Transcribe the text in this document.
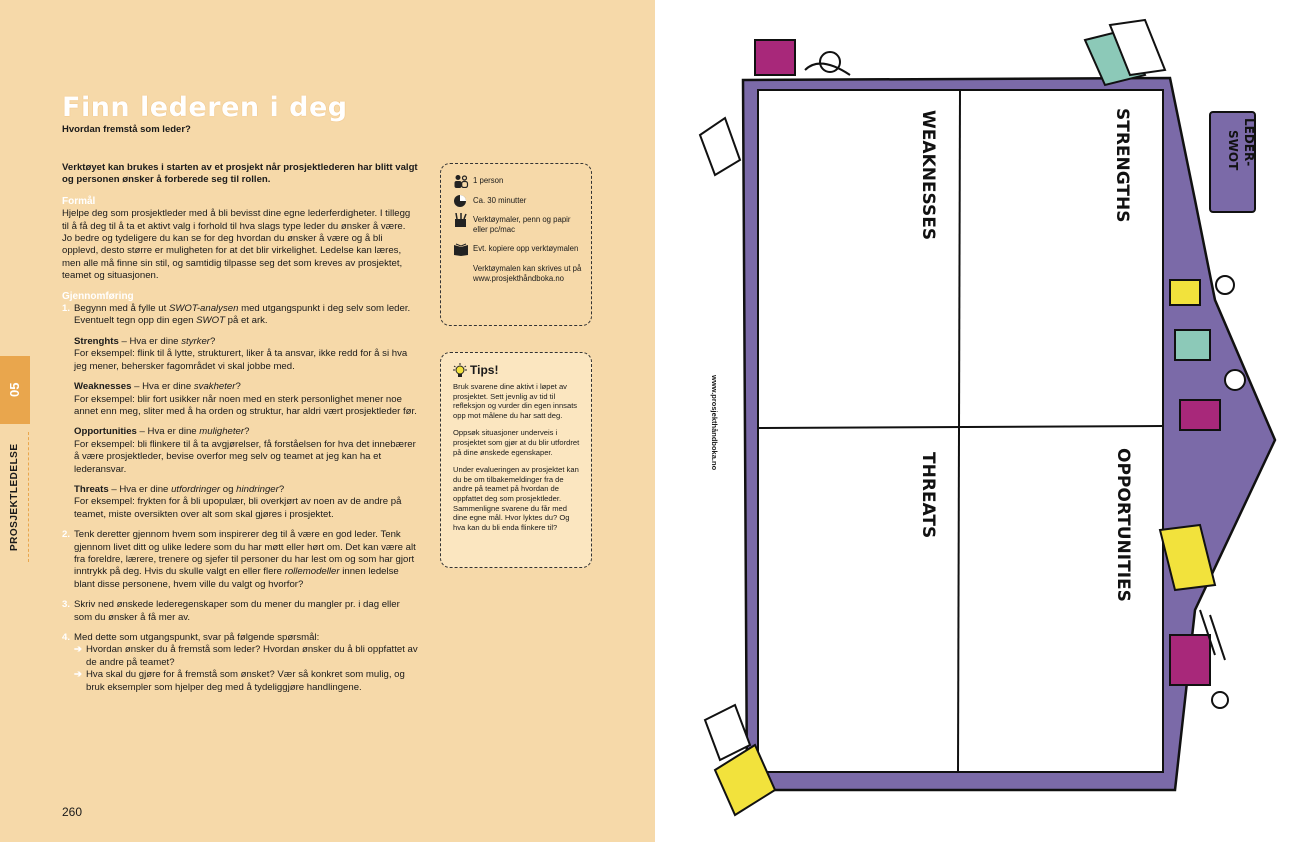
Finn lederen i deg
Hvordan fremstå som leder?
Verktøyet kan brukes i starten av et prosjekt når prosjektlederen har blitt valgt og personen ønsker å forberede seg til rollen.
Formål
Hjelpe deg som prosjektleder med å bli bevisst dine egne lederferdigheter. I tillegg til å få deg til å ta et aktivt valg i forhold til hva slags type leder du ønsker å være. Jo bedre og tydeligere du kan se for deg hvordan du ønsker å være og å bli opplevd, desto større er muligheten for at det blir virkelighet. Ledelse kan læres, men alle må finne sin stil, og samtidig tilpasse seg det som kreves av prosjektet, teamet og situasjonen.
Gjennomføring
1. Begynn med å fylle ut SWOT-analysen med utgangspunkt i deg selv som leder. Eventuelt tegn opp din egen SWOT på et ark.
Strenghts – Hva er dine styrker?
For eksempel: flink til å lytte, strukturert, liker å ta ansvar, ikke redd for å si hva jeg mener, behersker fagområdet vi skal jobbe med.
Weaknesses – Hva er dine svakheter?
For eksempel: blir fort usikker når noen med en sterk personlighet mener noe annet enn meg, sliter med å ha orden og struktur, har aldri vært prosjektleder før.
Opportunities – Hva er dine muligheter?
For eksempel: bli flinkere til å ta avgjørelser, få forståelsen for hva det innebærer å være prosjektleder, bevise overfor meg selv og teamet at jeg kan ha et lederansvar.
Threats – Hva er dine utfordringer og hindringer?
For eksempel: frykten for å bli upopulær, bli overkjørt av noen av de andre på teamet, miste oversikten over alt som skal gjøres i prosjektet.
2. Tenk deretter gjennom hvem som inspirerer deg til å være en god leder. Tenk gjennom livet ditt og ulike ledere som du har møtt eller hørt om. Det kan være alt fra foreldre, lærere, trenere og sjefer til personer du har lest om og som har gjort inntrykk på deg. Hvis du skulle valgt en eller flere rollemodeller innen ledelse blant disse personene, hvem ville du valgt og hvorfor?
3. Skriv ned ønskede lederegenskaper som du mener du mangler pr. i dag eller som du ønsker å få mer av.
4. Med dette som utgangspunkt, svar på følgende spørsmål:
➔ Hvordan ønsker du å fremstå som leder? Hvordan ønsker du å bli oppfattet av de andre på teamet?
➔ Hva skal du gjøre for å fremstå som ønsket? Vær så konkret som mulig, og bruk eksempler som hjelper deg med å tydeliggjøre handlingene.
05
PROSJEKTLEDELSE
260
1 person
Ca. 30 minutter
Verktøymaler, penn og papir eller pc/mac
Evt. kopiere opp verktøymalen
Verktøymalen kan skrives ut på www.prosjekthåndboka.no
Tips!
Bruk svarene dine aktivt i løpet av prosjektet. Sett jevnlig av tid til refleksjon og vurder din egen innsats opp mot målene du har satt deg.
Oppsøk situasjoner underveis i prosjektet som gjør at du blir utfordret på dine ønskede egenskaper.
Under evalueringen av prosjektet kan du be om tilbakemeldinger fra de andre på teamet på hvordan de oppfattet deg som prosjektleder. Sammenligne svarene du får med dine egne mål. Hvor lyktes du? Og hva kan du bli enda flinkere til?
STRENGTHS
WEAKNESSES
OPPORTUNITIES
THREATS
LEDER-
SWOT
www.prosjekthåndboka.no
